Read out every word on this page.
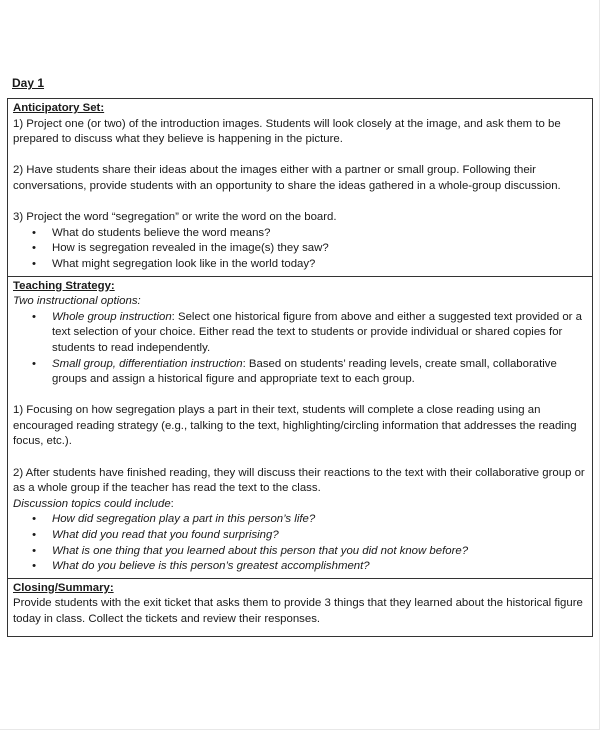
Day 1
Anticipatory Set:

1) Project one (or two) of the introduction images. Students will look closely at the image, and ask them to be prepared to discuss what they believe is happening in the picture.

2) Have students share their ideas about the images either with a partner or small group. Following their conversations, provide students with an opportunity to share the ideas gathered in a whole-group discussion.

3) Project the word “segregation” or write the word on the board.

• What do students believe the word means?
• How is segregation revealed in the image(s) they saw?
• What might segregation look like in the world today?
Teaching Strategy:

Two instructional options:

• Whole group instruction: Select one historical figure from above and either a suggested text provided or a text selection of your choice. Either read the text to students or provide individual or shared copies for students to read independently.
• Small group, differentiation instruction: Based on students’ reading levels, create small, collaborative groups and assign a historical figure and appropriate text to each group.

1) Focusing on how segregation plays a part in their text, students will complete a close reading using an encouraged reading strategy (e.g., talking to the text, highlighting/circling information that addresses the reading focus, etc.).

2) After students have finished reading, they will discuss their reactions to the text with their collaborative group or as a whole group if the teacher has read the text to the class.

Discussion topics could include:

• How did segregation play a part in this person’s life?
• What did you read that you found surprising?
• What is one thing that you learned about this person that you did not know before?
• What do you believe is this person’s greatest accomplishment?
Closing/Summary:

Provide students with the exit ticket that asks them to provide 3 things that they learned about the historical figure today in class. Collect the tickets and review their responses.
